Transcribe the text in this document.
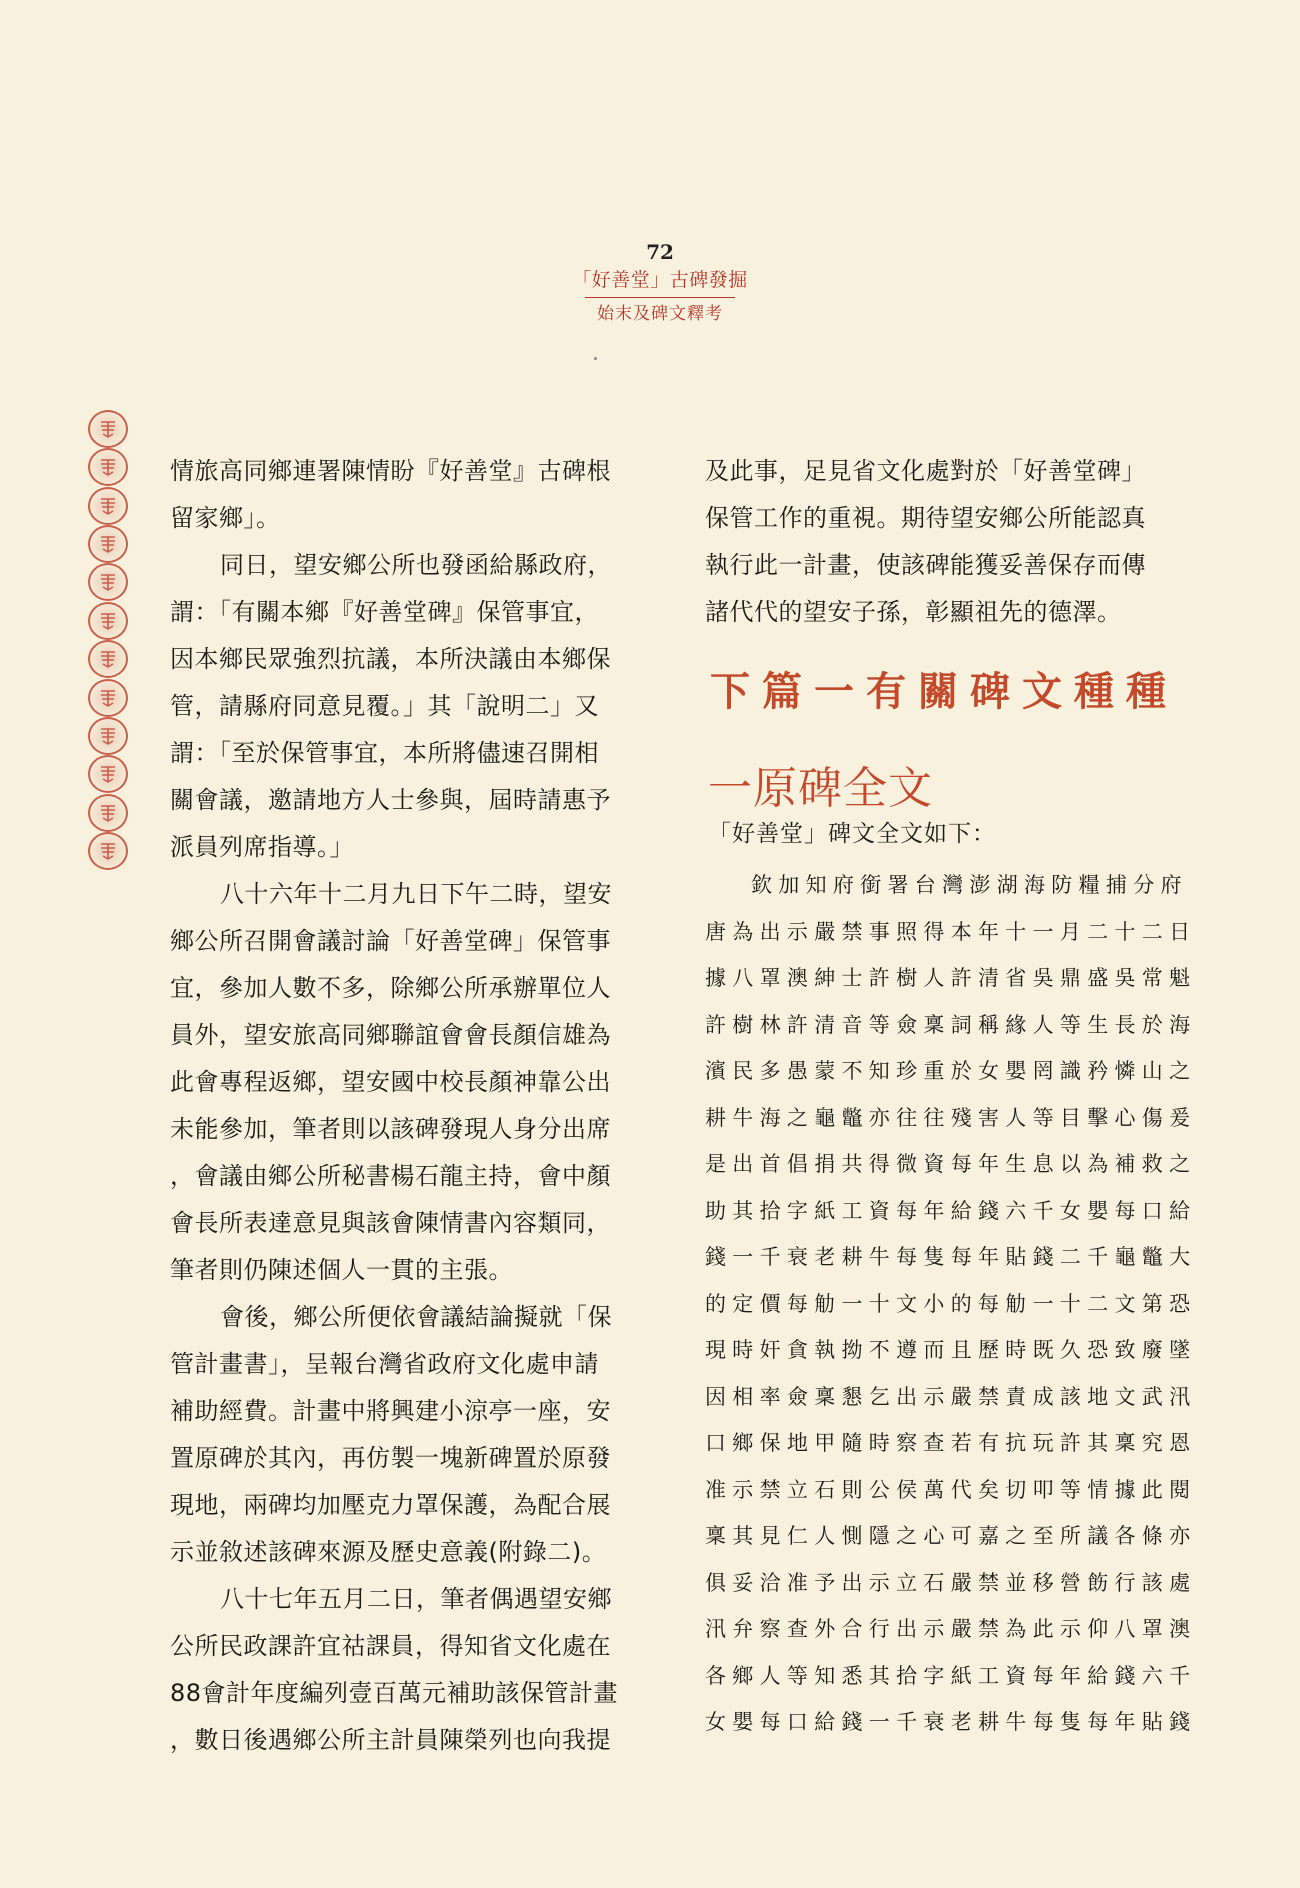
72
「好善堂」古碑發掘
始末及碑文釋考
情旅高同鄉連署陳情盼『好善堂』古碑根
留家鄉」。
同日，望安鄉公所也發函給縣政府，
謂：「有關本鄉『好善堂碑』保管事宜，
因本鄉民眾強烈抗議，本所決議由本鄉保
管，請縣府同意見覆。」其「說明二」又
謂：「至於保管事宜，本所將儘速召開相
關會議，邀請地方人士參與，屆時請惠予
派員列席指導。」
八十六年十二月九日下午二時，望安
鄉公所召開會議討論「好善堂碑」保管事
宜，參加人數不多，除鄉公所承辦單位人
員外，望安旅高同鄉聯誼會會長顏信雄為
此會專程返鄉，望安國中校長顏神靠公出
未能參加，筆者則以該碑發現人身分出席
，會議由鄉公所秘書楊石龍主持，會中顏
會長所表達意見與該會陳情書內容類同，
筆者則仍陳述個人一貫的主張。
會後，鄉公所便依會議結論擬就「保
管計畫書」，呈報台灣省政府文化處申請
補助經費。計畫中將興建小涼亭一座，安
置原碑於其內，再仿製一塊新碑置於原發
現地，兩碑均加壓克力罩保護，為配合展
示並敘述該碑來源及歷史意義(附錄二)。
八十七年五月二日，筆者偶遇望安鄉
公所民政課許宜祜課員，得知省文化處在
88會計年度編列壹百萬元補助該保管計畫
，數日後遇鄉公所主計員陳榮列也向我提
及此事，足見省文化處對於「好善堂碑」
保管工作的重視。期待望安鄉公所能認真
執行此一計畫，使該碑能獲妥善保存而傳
諸代代的望安子孫，彰顯祖先的德澤。
下篇一有關碑文種種
一原碑全文
「好善堂」碑文全文如下：
欽加知府銜署台灣澎湖海防糧捕分府
唐為出示嚴禁事照得本年十一月二十二日
據八罩澳紳士許樹人許清省吳鼎盛吳常魁
許樹林許清音等僉稟詞稱緣人等生長於海
濱民多愚蒙不知珍重於女嬰罔識矜憐山之
耕牛海之龜鼈亦往往殘害人等目擊心傷爰
是出首倡捐共得微資每年生息以為補救之
助其拾字紙工資每年給錢六千女嬰每口給
錢一千衰老耕牛每隻每年貼錢二千龜鼈大
的定價每觔一十文小的每觔一十二文第恐
現時奸貪執拗不遵而且歷時既久恐致廢墜
因相率僉稟懇乞出示嚴禁責成該地文武汛
口鄉保地甲隨時察查若有抗玩許其稟究恩
准示禁立石則公侯萬代矣切叩等情據此閱
稟其見仁人惻隱之心可嘉之至所議各條亦
俱妥洽准予出示立石嚴禁並移營飭行該處
汛弁察查外合行出示嚴禁為此示仰八罩澳
各鄉人等知悉其拾字紙工資每年給錢六千
女嬰每口給錢一千衰老耕牛每隻每年貼錢
